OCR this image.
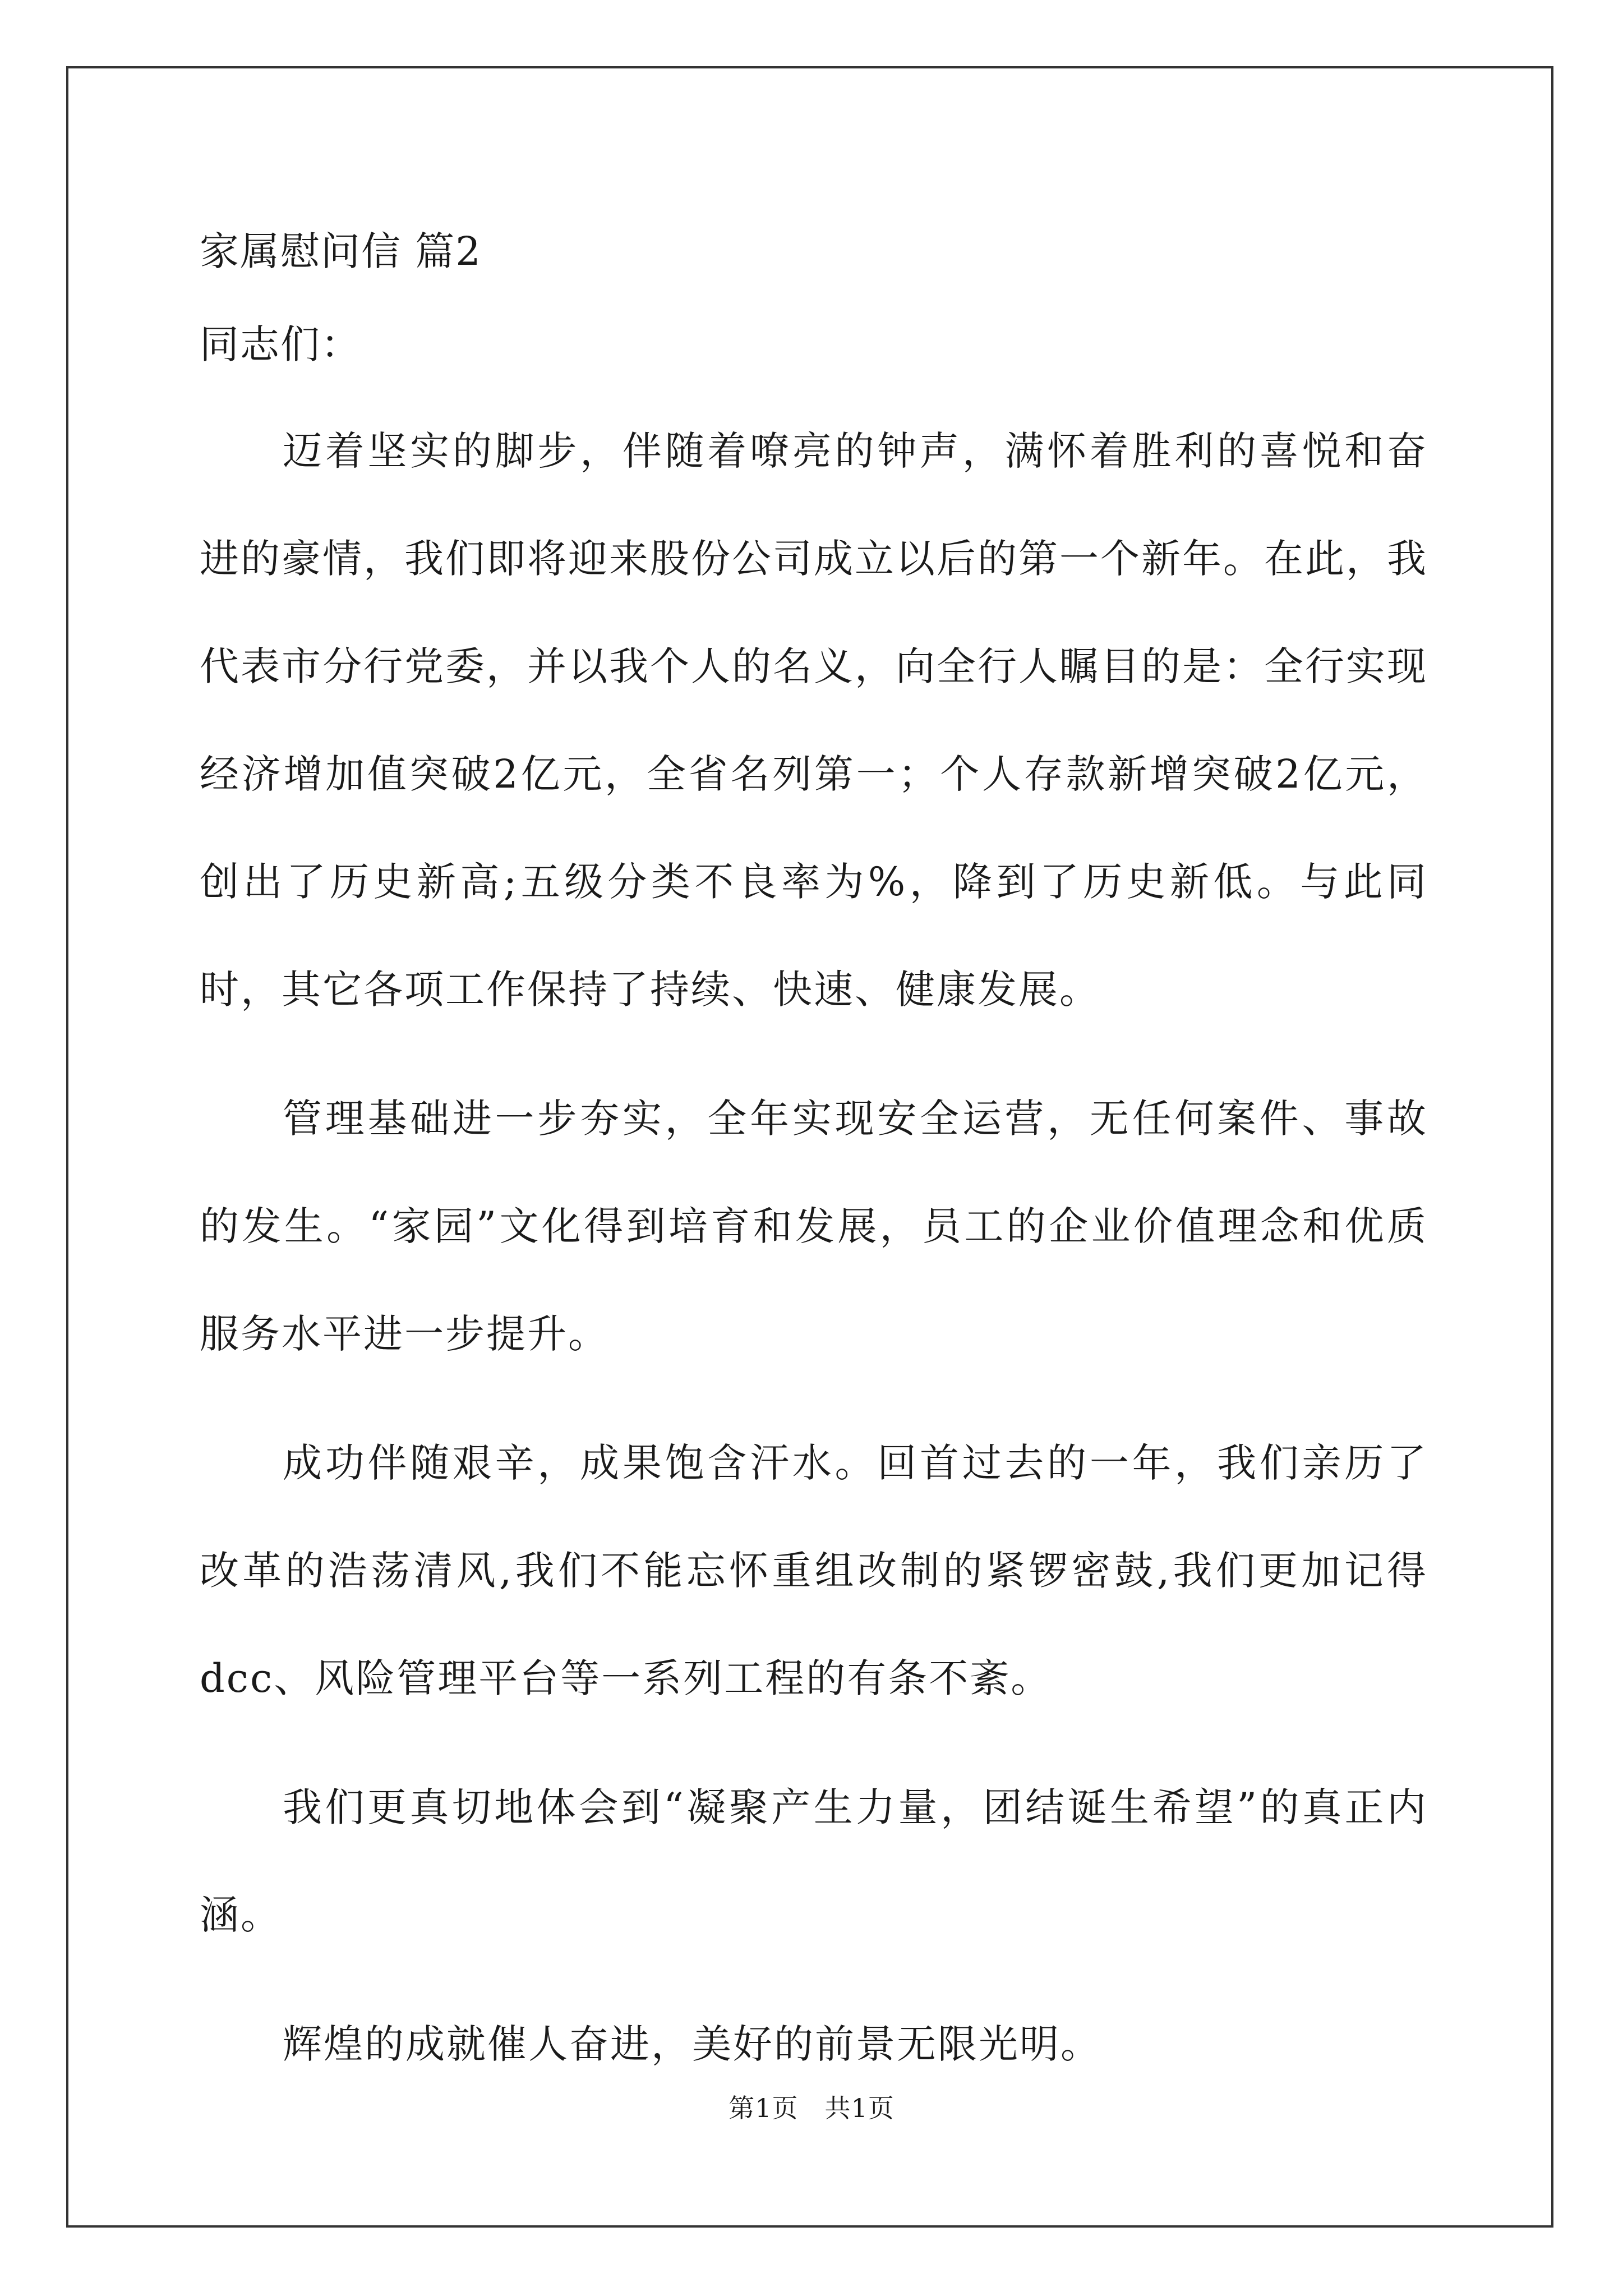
家属慰问信 篇2
同志们：

迈着坚实的脚步，伴随着嘹亮的钟声，满怀着胜利的喜悦和奋进的豪情，我们即将迎来股份公司成立以后的第一个新年。在此，我代表市分行党委，并以我个人的名义，向全行人瞩目的是：全行实现经济增加值突破2亿元，全省名列第一；个人存款新增突破2亿元，创出了历史新高;五级分类不良率为%，降到了历史新低。与此同时，其它各项工作保持了持续、快速、健康发展。

管理基础进一步夯实，全年实现安全运营，无任何案件、事故的发生。“家园”文化得到培育和发展，员工的企业价值理念和优质服务水平进一步提升。

成功伴随艰辛，成果饱含汗水。回首过去的一年，我们亲历了改革的浩荡清风,我们不能忘怀重组改制的紧锣密鼓,我们更加记得dcc、风险管理平台等一系列工程的有条不紊。

我们更真切地体会到“凝聚产生力量，团结诞生希望”的真正内涵。

辉煌的成就催人奋进，美好的前景无限光明。

第1页　共1页
